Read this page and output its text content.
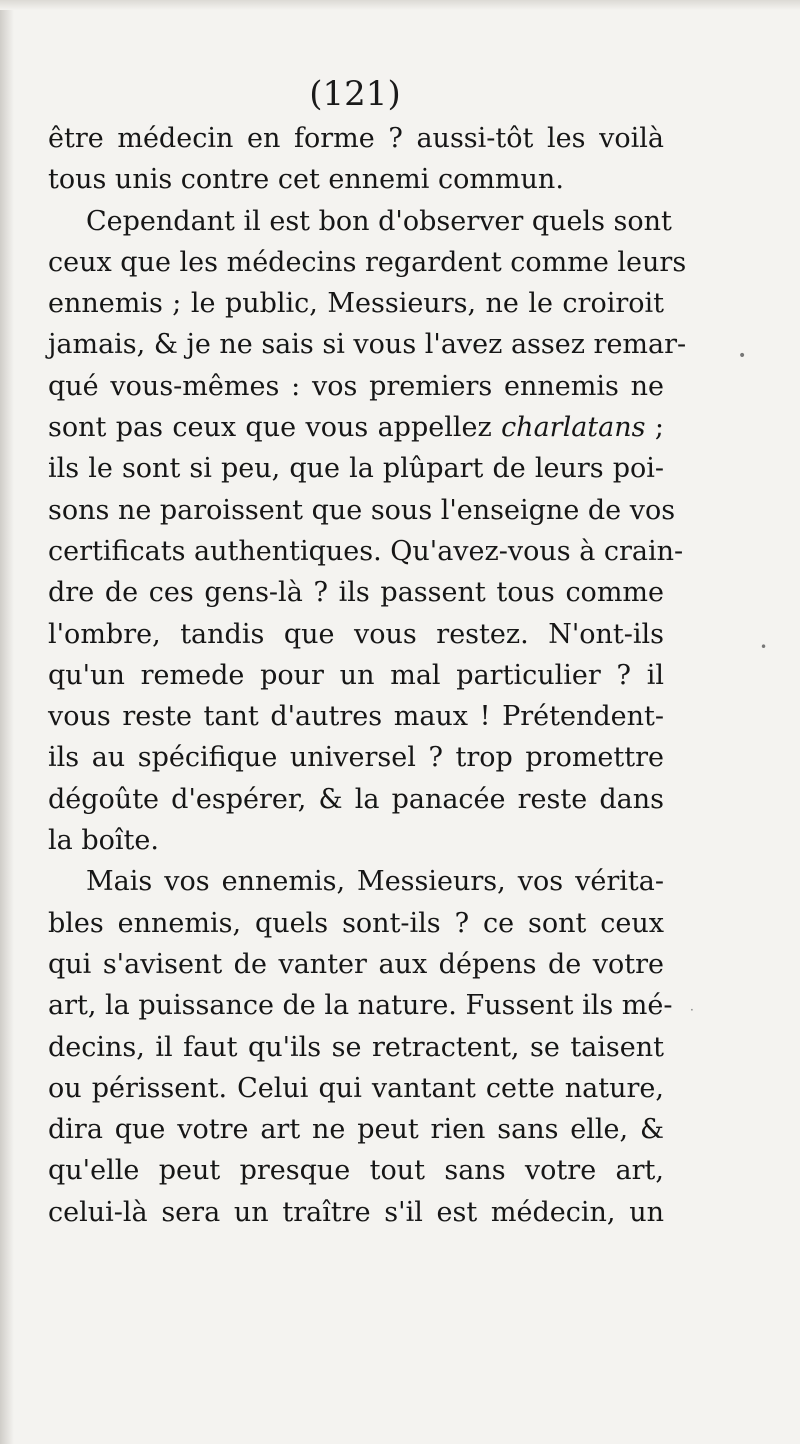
(121)
être médecin en forme ? aussi-tôt les voilà
tous unis contre cet ennemi commun.
Cependant il est bon d'observer quels sont
ceux que les médecins regardent comme leurs
ennemis ; le public, Messieurs, ne le croiroit
jamais, & je ne sais si vous l'avez assez remar-
qué vous-mêmes : vos premiers ennemis ne
sont pas ceux que vous appellez charlatans ;
ils le sont si peu, que la plûpart de leurs poi-
sons ne paroissent que sous l'enseigne de vos
certificats authentiques. Qu'avez-vous à crain-
dre de ces gens-là ? ils passent tous comme
l'ombre, tandis que vous restez. N'ont-ils
qu'un remede pour un mal particulier ? il
vous reste tant d'autres maux ! Prétendent-
ils au spécifique universel ? trop promettre
dégoûte d'espérer, & la panacée reste dans
la boîte.
Mais vos ennemis, Messieurs, vos vérita-
bles ennemis, quels sont-ils ? ce sont ceux
qui s'avisent de vanter aux dépens de votre
art, la puissance de la nature. Fussent ils mé-
decins, il faut qu'ils se retractent, se taisent
ou périssent. Celui qui vantant cette nature,
dira que votre art ne peut rien sans elle, &
qu'elle peut presque tout sans votre art,
celui-là sera un traître s'il est médecin, un
•
•
·
